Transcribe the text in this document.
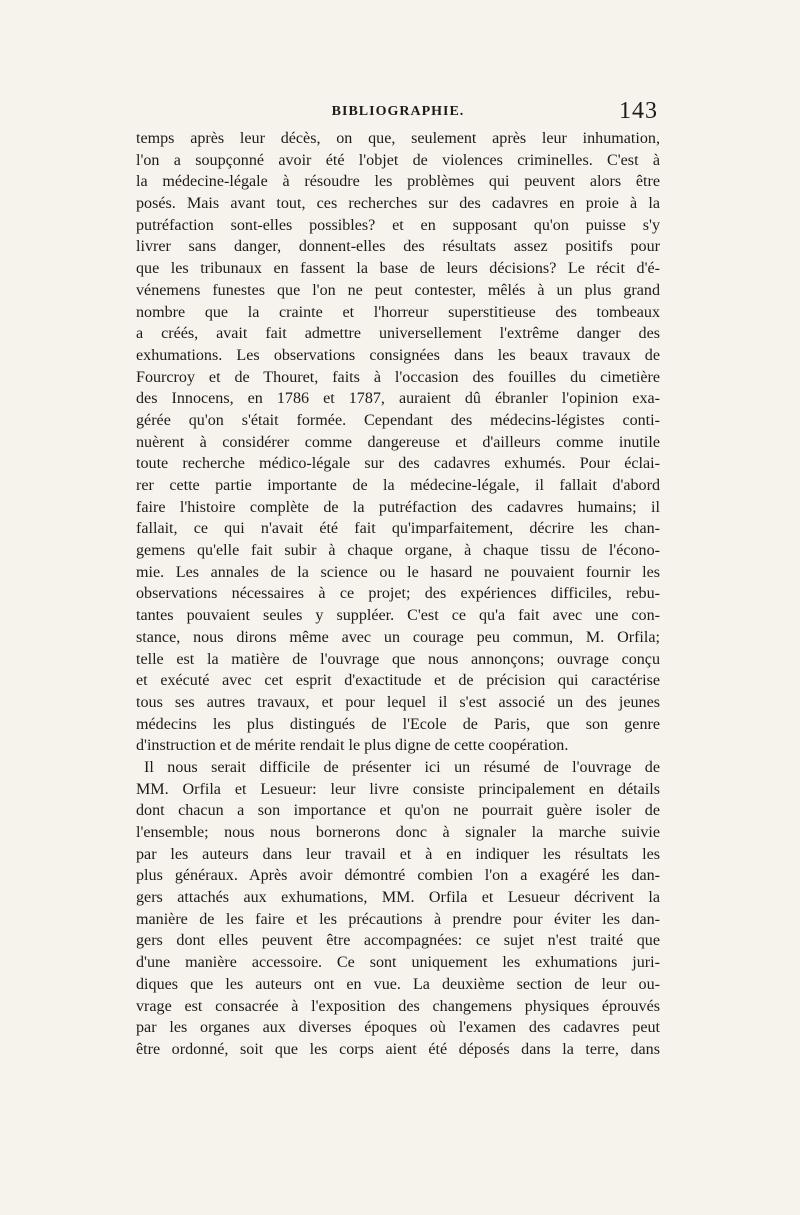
BIBLIOGRAPHIE.	143
temps après leur décès, on que, seulement après leur inhumation,
l'on a soupçonné avoir été l'objet de violences criminelles. C'est à
la médecine-légale à résoudre les problèmes qui peuvent alors être
posés. Mais avant tout, ces recherches sur des cadavres en proie à la
putréfaction sont-elles possibles? et en supposant qu'on puisse s'y
livrer sans danger, donnent-elles des résultats assez positifs pour
que les tribunaux en fassent la base de leurs décisions? Le récit d'é-
vénemens funestes que l'on ne peut contester, mêlés à un plus grand
nombre que la crainte et l'horreur superstitieuse des tombeaux
a créés, avait fait admettre universellement l'extrême danger des
exhumations. Les observations consignées dans les beaux travaux de
Fourcroy et de Thouret, faits à l'occasion des fouilles du cimetière
des Innocens, en 1786 et 1787, auraient dû ébranler l'opinion exa-
gérée qu'on s'était formée. Cependant des médecins-légistes conti-
nuèrent à considérer comme dangereuse et d'ailleurs comme inutile
toute recherche médico-légale sur des cadavres exhumés. Pour éclai-
rer cette partie importante de la médecine-légale, il fallait d'abord
faire l'histoire complète de la putréfaction des cadavres humains; il
fallait, ce qui n'avait été fait qu'imparfaitement, décrire les chan-
gemens qu'elle fait subir à chaque organe, à chaque tissu de l'écono-
mie. Les annales de la science ou le hasard ne pouvaient fournir les
observations nécessaires à ce projet; des expériences difficiles, rebu-
tantes pouvaient seules y suppléer. C'est ce qu'a fait avec une con-
stance, nous dirons même avec un courage peu commun, M. Orfila;
telle est la matière de l'ouvrage que nous annonçons; ouvrage conçu
et exécuté avec cet esprit d'exactitude et de précision qui caractérise
tous ses autres travaux, et pour lequel il s'est associé un des jeunes
médecins les plus distingués de l'Ecole de Paris, que son genre
d'instruction et de mérite rendait le plus digne de cette coopération.
Il nous serait difficile de présenter ici un résumé de l'ouvrage de
MM. Orfila et Lesueur: leur livre consiste principalement en détails
dont chacun a son importance et qu'on ne pourrait guère isoler de
l'ensemble; nous nous bornerons donc à signaler la marche suivie
par les auteurs dans leur travail et à en indiquer les résultats les
plus généraux. Après avoir démontré combien l'on a exagéré les dan-
gers attachés aux exhumations, MM. Orfila et Lesueur décrivent la
manière de les faire et les précautions à prendre pour éviter les dan-
gers dont elles peuvent être accompagnées: ce sujet n'est traité que
d'une manière accessoire. Ce sont uniquement les exhumations juri-
diques que les auteurs ont en vue. La deuxième section de leur ou-
vrage est consacrée à l'exposition des changemens physiques éprouvés
par les organes aux diverses époques où l'examen des cadavres peut
être ordonné, soit que les corps aient été déposés dans la terre, dans
